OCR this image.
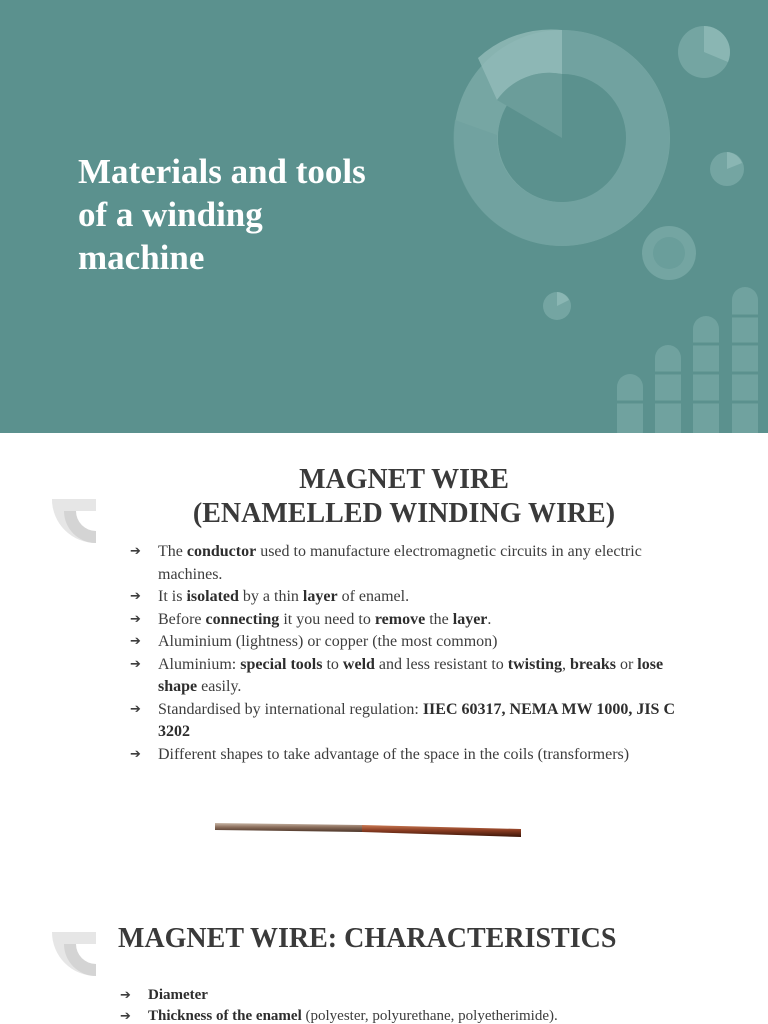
Materials and tools
of a winding
machine
MAGNET WIRE
(ENAMELLED WINDING WIRE)
➔ The conductor used to manufacture electromagnetic circuits in any electric machines.
➔ It is isolated by a thin layer of enamel.
➔ Before connecting it you need to remove the layer.
➔ Aluminium (lightness) or copper (the most common)
➔ Aluminium: special tools to weld and less resistant to twisting, breaks or lose shape easily.
➔ Standardised by international regulation: IIEC 60317, NEMA MW 1000, JIS C 3202
➔ Different shapes to take advantage of the space in the coils (transformers)
MAGNET WIRE: CHARACTERISTICS
➔ Diameter
➔ Thickness of the enamel (polyester, polyurethane, polyetherimide).
